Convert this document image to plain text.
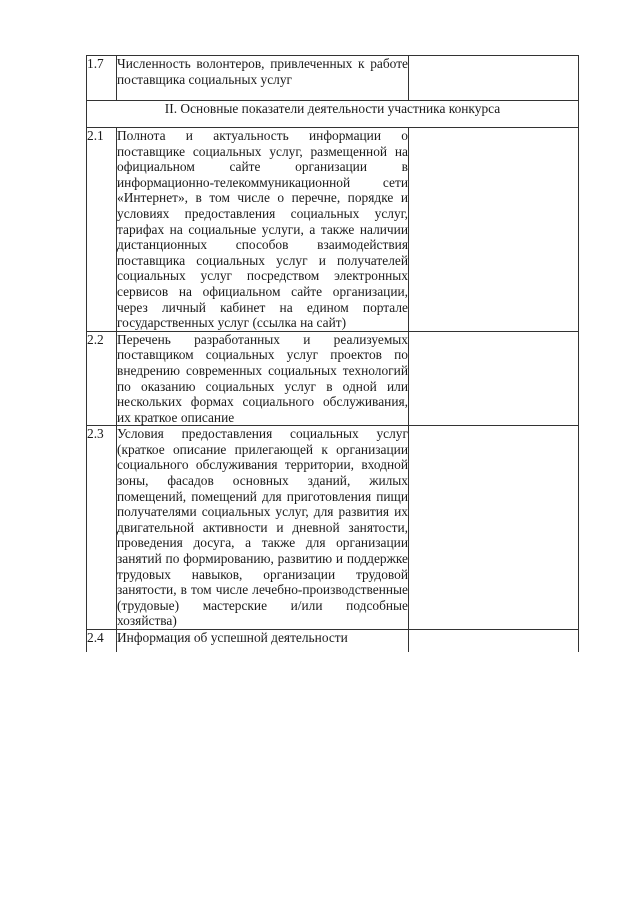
1.7	Численность волонтеров, привлеченных к работе поставщика социальных услуг	
II. Основные показатели деятельности участника конкурса		
2.1	Полнота и актуальность информации о поставщике социальных услуг, размещенной на официальном сайте организации в информационно-телекоммуникационной сети «Интернет», в том числе о перечне, порядке и условиях предоставления социальных услуг, тарифах на социальные услуги, а также наличии дистанционных способов взаимодействия поставщика социальных услуг и получателей социальных услуг посредством электронных сервисов на официальном сайте организации, через личный кабинет на едином портале государственных услуг (ссылка на сайт)	
2.2	Перечень разработанных и реализуемых поставщиком социальных услуг проектов по внедрению современных социальных технологий по оказанию социальных услуг в одной или нескольких формах социального обслуживания, их краткое описание	
2.3	Условия предоставления социальных услуг (краткое описание прилегающей к организации социального обслуживания территории, входной зоны, фасадов основных зданий, жилых помещений, помещений для приготовления пищи получателями социальных услуг, для развития их двигательной активности и дневной занятости, проведения досуга, а также для организации занятий по формированию, развитию и поддержке трудовых навыков, организации трудовой занятости, в том числе лечебно-производственные (трудовые) мастерские и/или подсобные хозяйства)	
2.4	Информация об успешной деятельности	
